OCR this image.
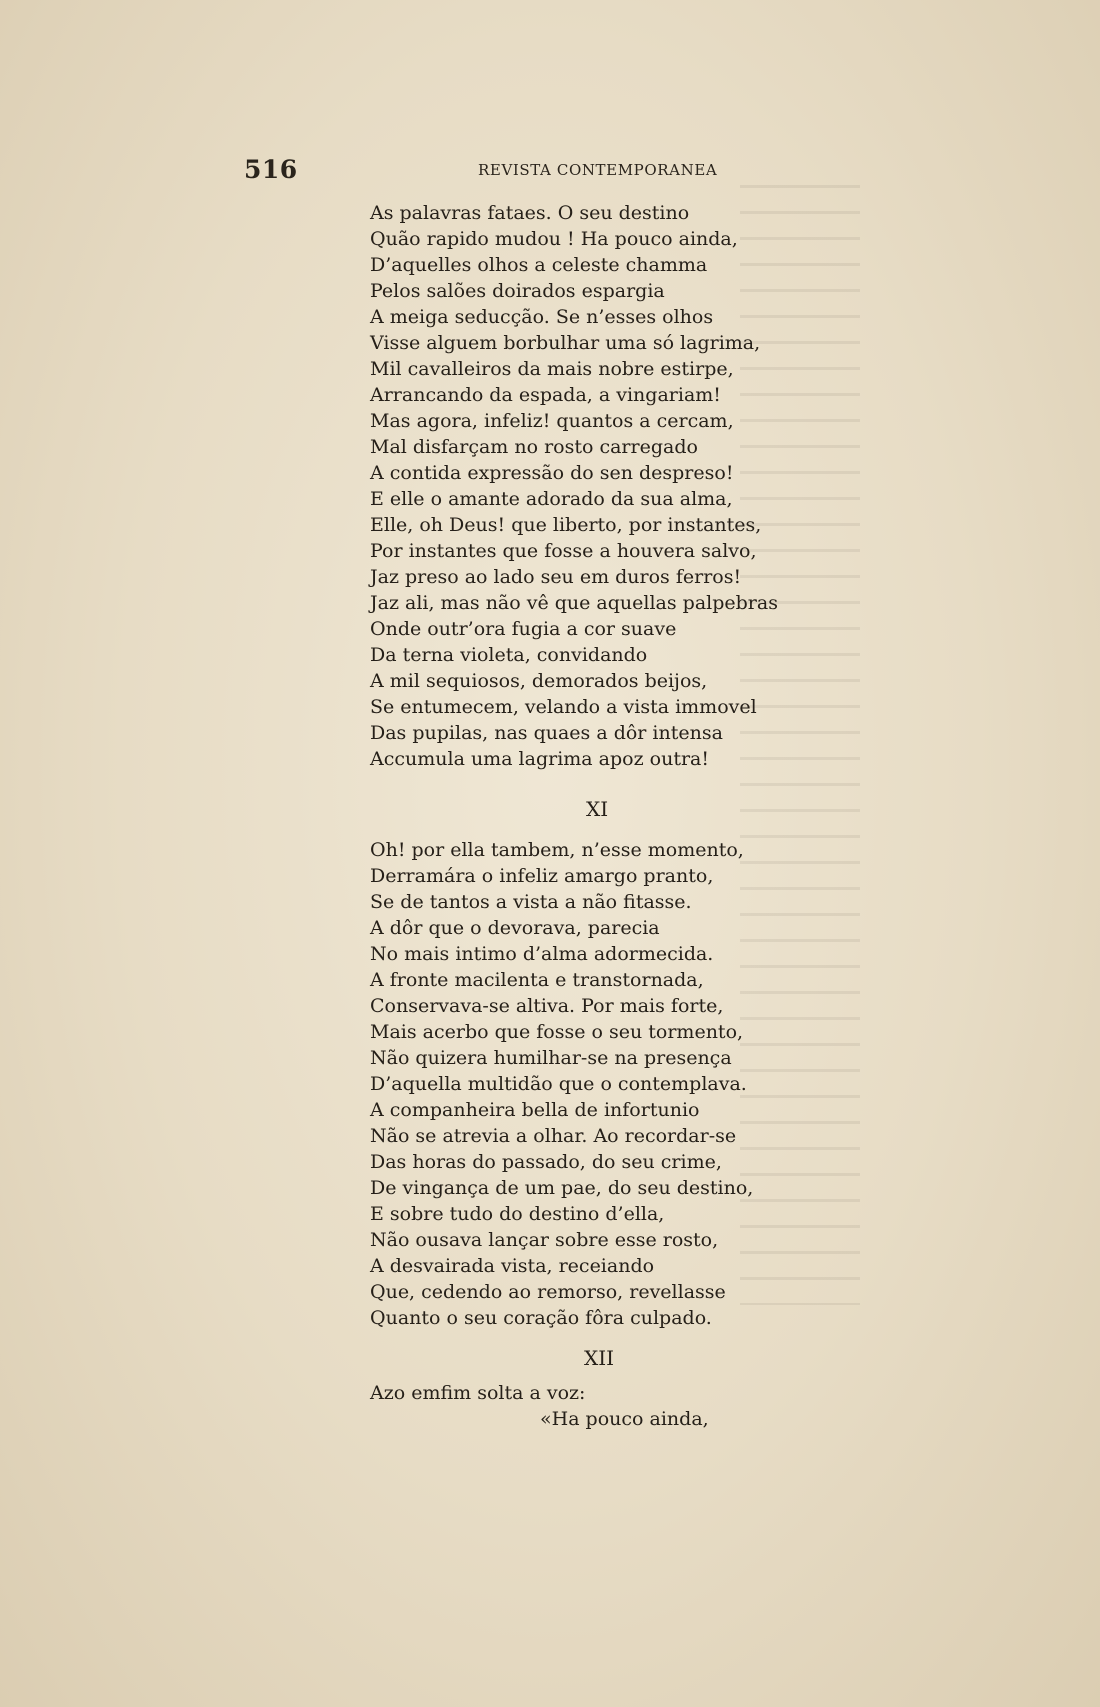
516	REVISTA CONTEMPORANEA
As palavras fataes. O seu destino
Quão rapido mudou ! Ha pouco ainda,
D’aquelles olhos a celeste chamma
Pelos salões doirados espargia
A meiga seducção. Se n’esses olhos
Visse alguem borbulhar uma só lagrima,
Mil cavalleiros da mais nobre estirpe,
Arrancando da espada, a vingariam!
Mas agora, infeliz! quantos a cercam,
Mal disfarçam no rosto carregado
A contida expressão do sen despreso!
E elle o amante adorado da sua alma,
Elle, oh Deus! que liberto, por instantes,
Por instantes que fosse a houvera salvo,
Jaz preso ao lado seu em duros ferros!
Jaz ali, mas não vê que aquellas palpebras
Onde outr’ora fugia a cor suave
Da terna violeta, convidando
A mil sequiosos, demorados beijos,
Se entumecem, velando a vista immovel
Das pupilas, nas quaes a dôr intensa
Accumula uma lagrima apoz outra!
XI
Oh! por ella tambem, n’esse momento,
Derramára o infeliz amargo pranto,
Se de tantos a vista a não fitasse.
A dôr que o devorava, parecia
No mais intimo d’alma adormecida.
A fronte macilenta e transtornada,
Conservava-se altiva. Por mais forte,
Mais acerbo que fosse o seu tormento,
Não quizera humilhar-se na presença
D’aquella multidão que o contemplava.
A companheira bella de infortunio
Não se atrevia a olhar. Ao recordar-se
Das horas do passado, do seu crime,
De vingança de um pae, do seu destino,
E sobre tudo do destino d’ella,
Não ousava lançar sobre esse rosto,
A desvairada vista, receiando
Que, cedendo ao remorso, revellasse
Quanto o seu coração fôra culpado.
XII
Azo emfim solta a voz:
«Ha pouco ainda,
